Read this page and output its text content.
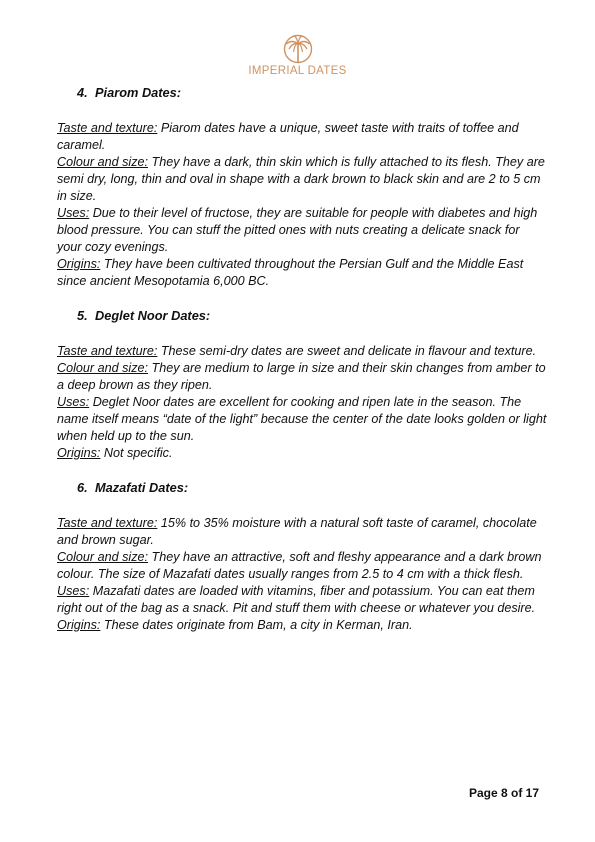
IMPERIAL DATES
4. Piarom Dates:

Taste and texture: Piarom dates have a unique, sweet taste with traits of toffee and caramel.

Colour and size: They have a dark, thin skin which is fully attached to its flesh. They are semi dry, long, thin and oval in shape with a dark brown to black skin and are 2 to 5 cm in size.

Uses: Due to their level of fructose, they are suitable for people with diabetes and high blood pressure. You can stuff the pitted ones with nuts creating a delicate snack for your cozy evenings.

Origins: They have been cultivated throughout the Persian Gulf and the Middle East since ancient Mesopotamia 6,000 BC.

5. Deglet Noor Dates:

Taste and texture: These semi-dry dates are sweet and delicate in flavour and texture.

Colour and size: They are medium to large in size and their skin changes from amber to a deep brown as they ripen.

Uses: Deglet Noor dates are excellent for cooking and ripen late in the season. The name itself means “date of the light” because the center of the date looks golden or light when held up to the sun.

Origins: Not specific.

6. Mazafati Dates:

Taste and texture: 15% to 35% moisture with a natural soft taste of caramel, chocolate and brown sugar.

Colour and size: They have an attractive, soft and fleshy appearance and a dark brown colour. The size of Mazafati dates usually ranges from 2.5 to 4 cm with a thick flesh.

Uses: Mazafati dates are loaded with vitamins, fiber and potassium. You can eat them right out of the bag as a snack. Pit and stuff them with cheese or whatever you desire.

Origins: These dates originate from Bam, a city in Kerman, Iran.

Page 8 of 17
